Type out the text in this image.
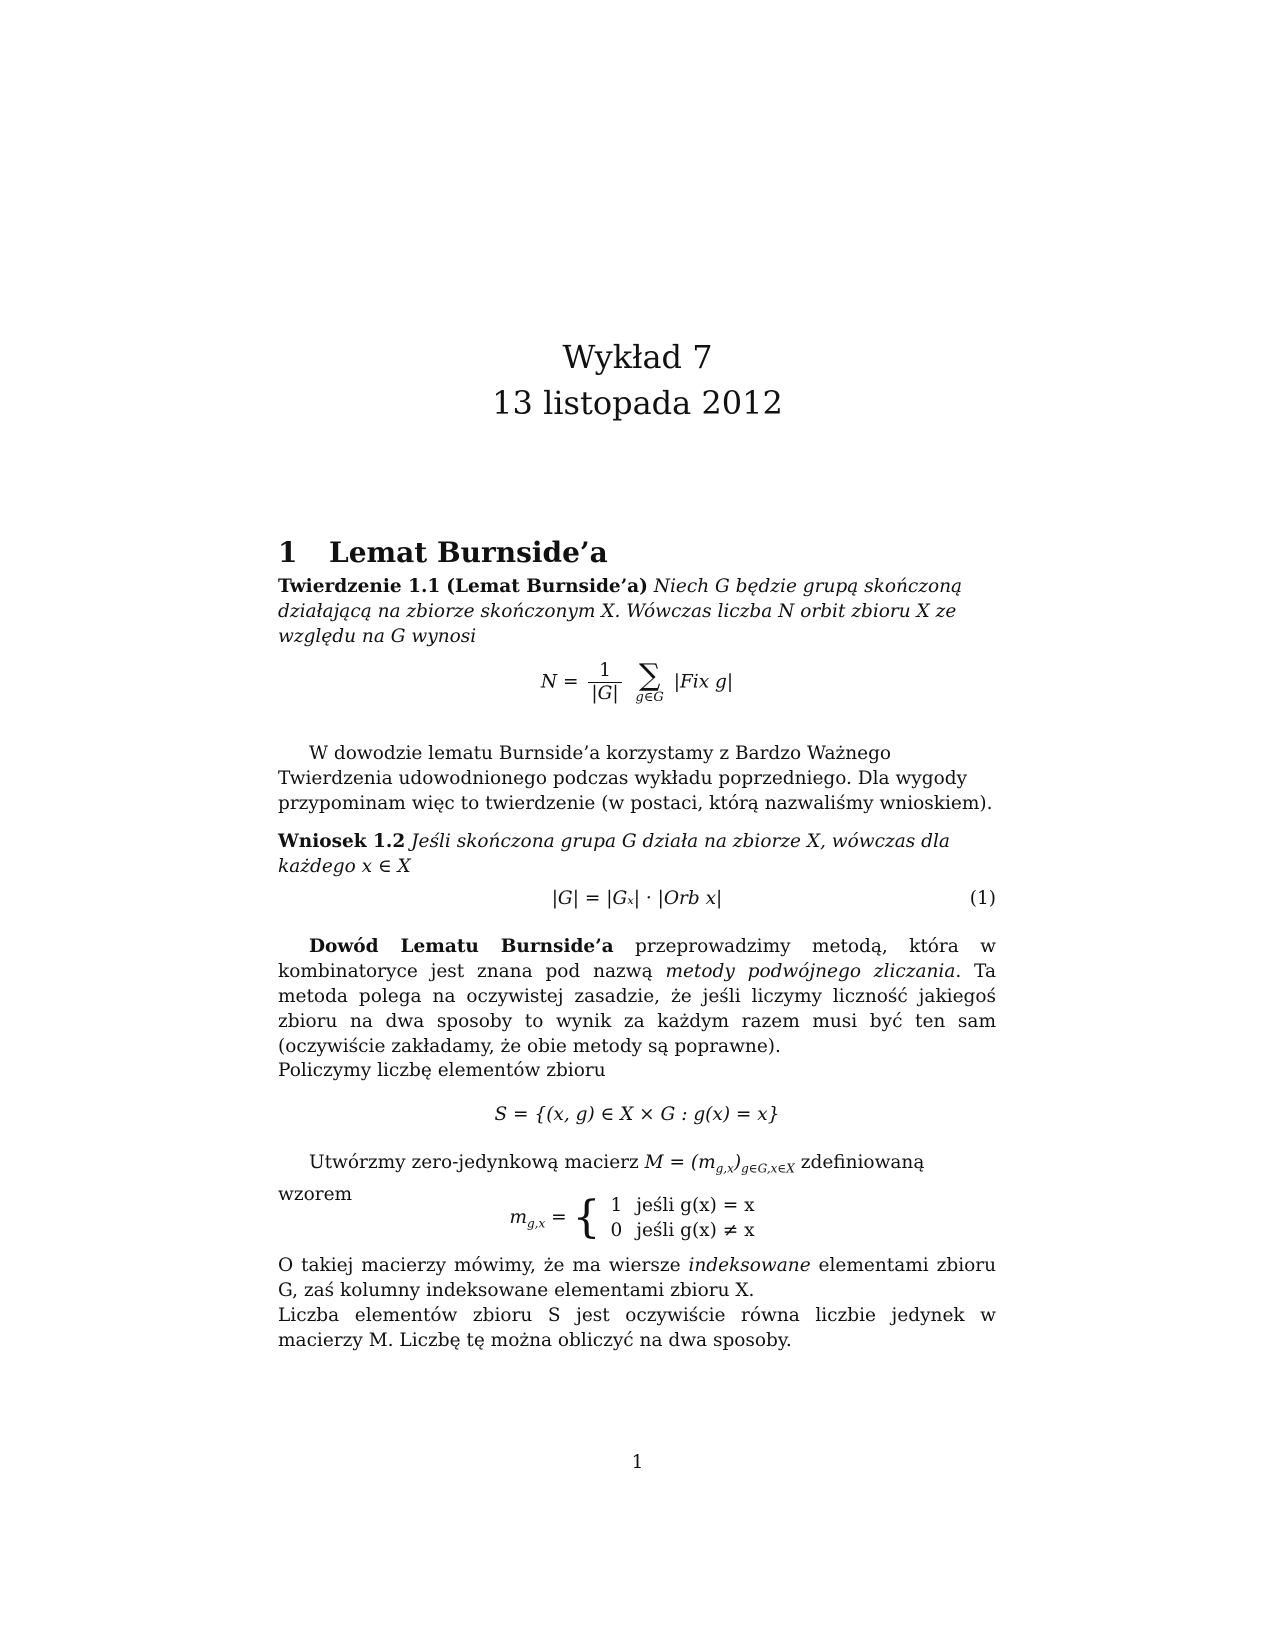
Wykład 7
13 listopada 2012
1 Lemat Burnside’a
Twierdzenie 1.1 (Lemat Burnside’a) Niech G będzie grupą skończoną działającą na zbiorze skończonym X. Wówczas liczba N orbit zbioru X ze względu na G wynosi
$N = \frac{1}{|G|}$
∑
g∈G
|Fix g|
W dowodzie lematu Burnside’a korzystamy z Bardzo Ważnego Twierdzenia udowodnionego podczas wykładu poprzedniego. Dla wygody przypominam więc to twierdzenie (w postaci, którą nazwaliśmy wnioskiem).
Wniosek 1.2 Jeśli skończona grupa G działa na zbiorze X, wówczas dla każdego x ∈ X
|G| = |Gₓ| · |Orb x|	(1)
Dowód Lematu Burnside’a przeprowadzimy metodą, która w kombinatoryce jest znana pod nazwą metody podwójnego zliczania. Ta metoda polega na oczywistej zasadzie, że jeśli liczymy liczność jakiegoś zbioru na dwa sposoby to wynik za każdym razem musi być ten sam (oczywiście zakładamy, że obie metody są poprawne).
Policzymy liczbę elementów zbioru
S = {(x, g) ∈ X × G : g(x) = x}
Utwórzmy zero-jedynkową macierz $M = (m_{g,x})_{g\in G,x\in X}$ zdefiniowaną wzorem
$m_{g,x}$ = { 1	jeśli g(x) = x
0	jeśli g(x) ≠ x
O takiej macierzy mówimy, że ma wiersze indeksowane elementami zbioru G, zaś kolumny indeksowane elementami zbioru X.
Liczba elementów zbioru S jest oczywiście równa liczbie jedynek w macierzy M. Liczbę tę można obliczyć na dwa sposoby.
1
